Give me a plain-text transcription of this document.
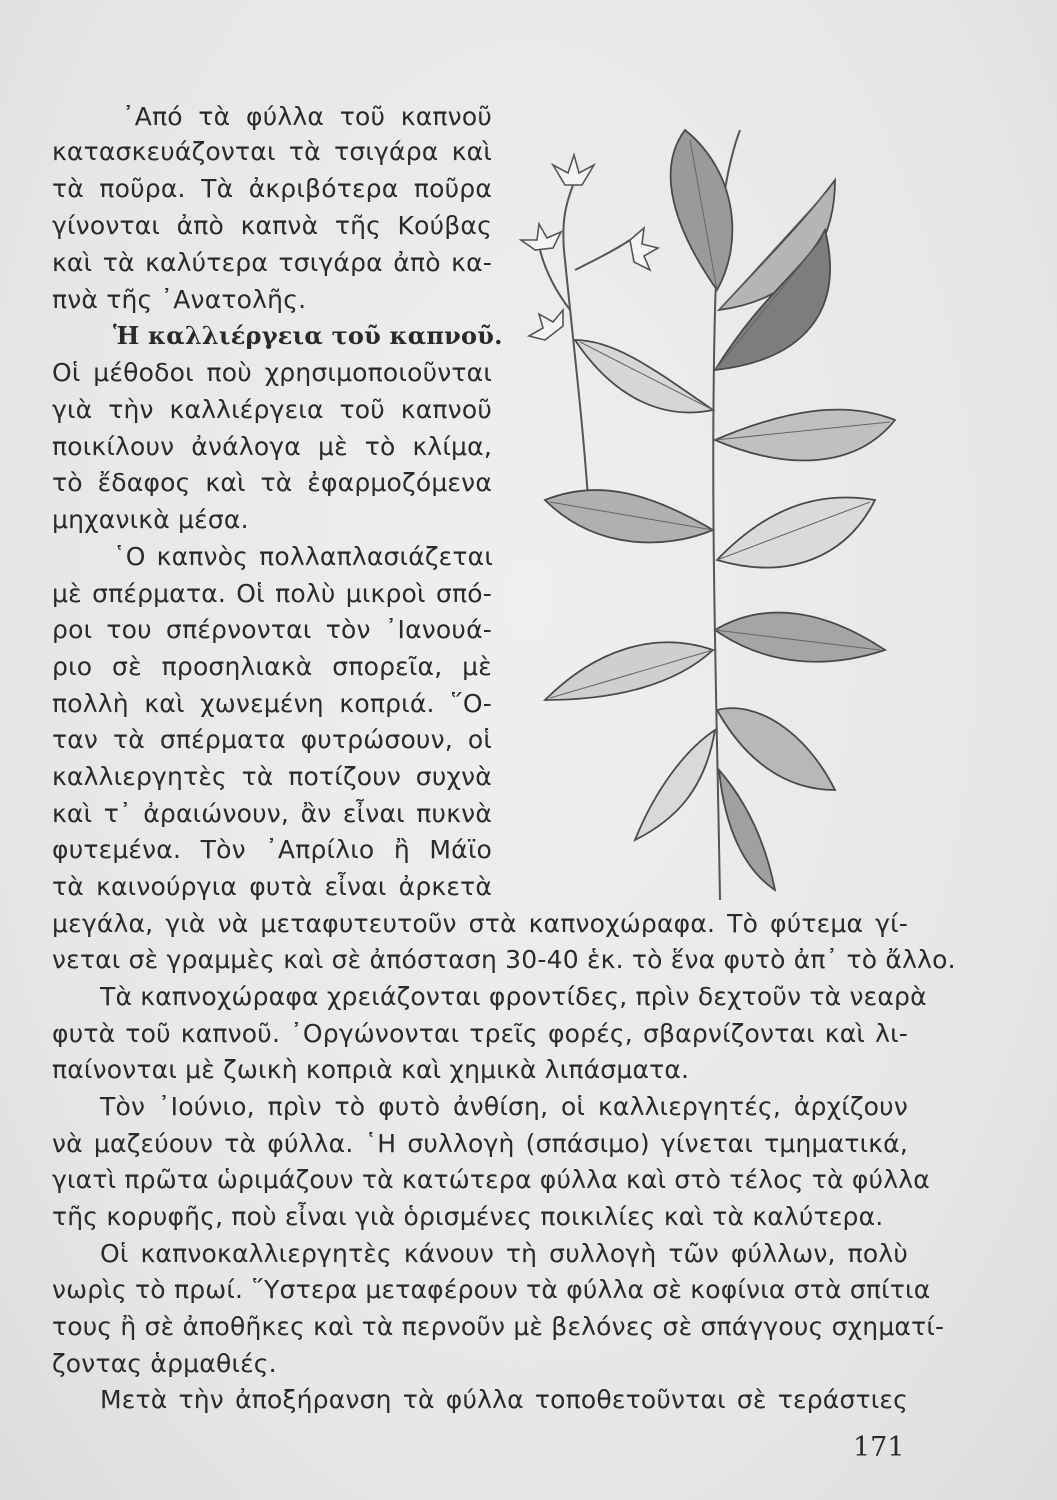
᾿Από τὰ φύλλα τοῦ καπνοῦ
κατασκευάζονται τὰ τσιγάρα καὶ
τὰ ποῦρα. Τὰ ἀκριβότερα ποῦρα
γίνονται ἀπὸ καπνὰ τῆς Κούβας
καὶ τὰ καλύτερα τσιγάρα ἀπὸ κα-
πνὰ τῆς ᾿Ανατολῆς.
Ἡ καλλιέργεια τοῦ καπνοῦ.
Οἱ μέθοδοι ποὺ χρησιμοποιοῦνται
γιὰ τὴν καλλιέργεια τοῦ καπνοῦ
ποικίλουν ἀνάλογα μὲ τὸ κλίμα,
τὸ ἔδαφος καὶ τὰ ἐφαρμοζόμενα
μηχανικὰ μέσα.
῾Ο καπνὸς πολλαπλασιάζεται
μὲ σπέρματα. Οἱ πολὺ μικροὶ σπό-
ροι του σπέρνονται τὸν ᾿Ιανουά-
ριο σὲ προσηλιακὰ σπορεῖα, μὲ
πολλὴ καὶ χωνεμένη κοπριά. ῞Ο-
ταν τὰ σπέρματα φυτρώσουν, οἱ
καλλιεργητὲς τὰ ποτίζουν συχνὰ
καὶ τ᾿ ἀραιώνουν, ἂν εἶναι πυκνὰ
φυτεμένα. Τὸν ᾿Απρίλιο ἢ Μάϊο
τὰ καινούργια φυτὰ εἶναι ἀρκετὰ
μεγάλα, γιὰ νὰ μεταφυτευτοῦν στὰ καπνοχώραφα. Τὸ φύτεμα γί-
νεται σὲ γραμμὲς καὶ σὲ ἀπόσταση 30-40 ἑκ. τὸ ἕνα φυτὸ ἀπ᾿ τὸ ἄλλο.
Τὰ καπνοχώραφα χρειάζονται φροντίδες, πρὶν δεχτοῦν τὰ νεαρὰ
φυτὰ τοῦ καπνοῦ. ᾿Οργώνονται τρεῖς φορές, σβαρνίζονται καὶ λι-
παίνονται μὲ ζωικὴ κοπριὰ καὶ χημικὰ λιπάσματα.
Τὸν ᾿Ιούνιο, πρὶν τὸ φυτὸ ἀνθίση, οἱ καλλιεργητές, ἀρχίζουν
νὰ μαζεύουν τὰ φύλλα. ῾Η συλλογὴ (σπάσιμο) γίνεται τμηματικά,
γιατὶ πρῶτα ὡριμάζουν τὰ κατώτερα φύλλα καὶ στὸ τέλος τὰ φύλλα
τῆς κορυφῆς, ποὺ εἶναι γιὰ ὁρισμένες ποικιλίες καὶ τὰ καλύτερα.
Οἱ καπνοκαλλιεργητὲς κάνουν τὴ συλλογὴ τῶν φύλλων, πολὺ
νωρὶς τὸ πρωί. ῞Υστερα μεταφέρουν τὰ φύλλα σὲ κοφίνια στὰ σπίτια
τους ἢ σὲ ἀποθῆκες καὶ τὰ περνοῦν μὲ βελόνες σὲ σπάγγους σχηματί-
ζοντας ἁρμαθιές.
Μετὰ τὴν ἀποξήρανση τὰ φύλλα τοποθετοῦνται σὲ τεράστιες
171
